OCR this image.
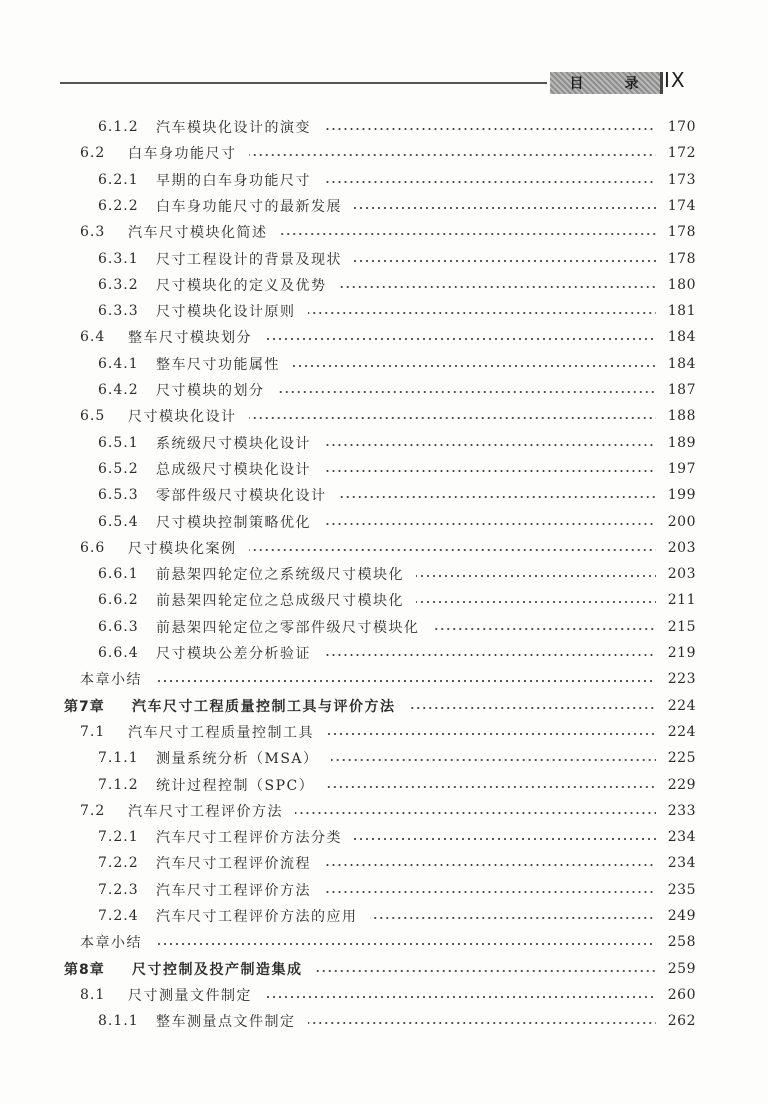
目	录	IX
6.1.2	汽车模块化设计的演变	170
6.2	白车身功能尺寸	172
6.2.1	早期的白车身功能尺寸	173
6.2.2	白车身功能尺寸的最新发展	174
6.3	汽车尺寸模块化简述	178
6.3.1	尺寸工程设计的背景及现状	178
6.3.2	尺寸模块化的定义及优势	180
6.3.3	尺寸模块化设计原则	181
6.4	整车尺寸模块划分	184
6.4.1	整车尺寸功能属性	184
6.4.2	尺寸模块的划分	187
6.5	尺寸模块化设计	188
6.5.1	系统级尺寸模块化设计	189
6.5.2	总成级尺寸模块化设计	197
6.5.3	零部件级尺寸模块化设计	199
6.5.4	尺寸模块控制策略优化	200
6.6	尺寸模块化案例	203
6.6.1	前悬架四轮定位之系统级尺寸模块化	203
6.6.2	前悬架四轮定位之总成级尺寸模块化	211
6.6.3	前悬架四轮定位之零部件级尺寸模块化	215
6.6.4	尺寸模块公差分析验证	219
本章小结	223
第7章	汽车尺寸工程质量控制工具与评价方法	224
7.1	汽车尺寸工程质量控制工具	224
7.1.1	测量系统分析（MSA）	225
7.1.2	统计过程控制（SPC）	229
7.2	汽车尺寸工程评价方法	233
7.2.1	汽车尺寸工程评价方法分类	234
7.2.2	汽车尺寸工程评价流程	234
7.2.3	汽车尺寸工程评价方法	235
7.2.4	汽车尺寸工程评价方法的应用	249
本章小结	258
第8章	尺寸控制及投产制造集成	259
8.1	尺寸测量文件制定	260
8.1.1	整车测量点文件制定	262
